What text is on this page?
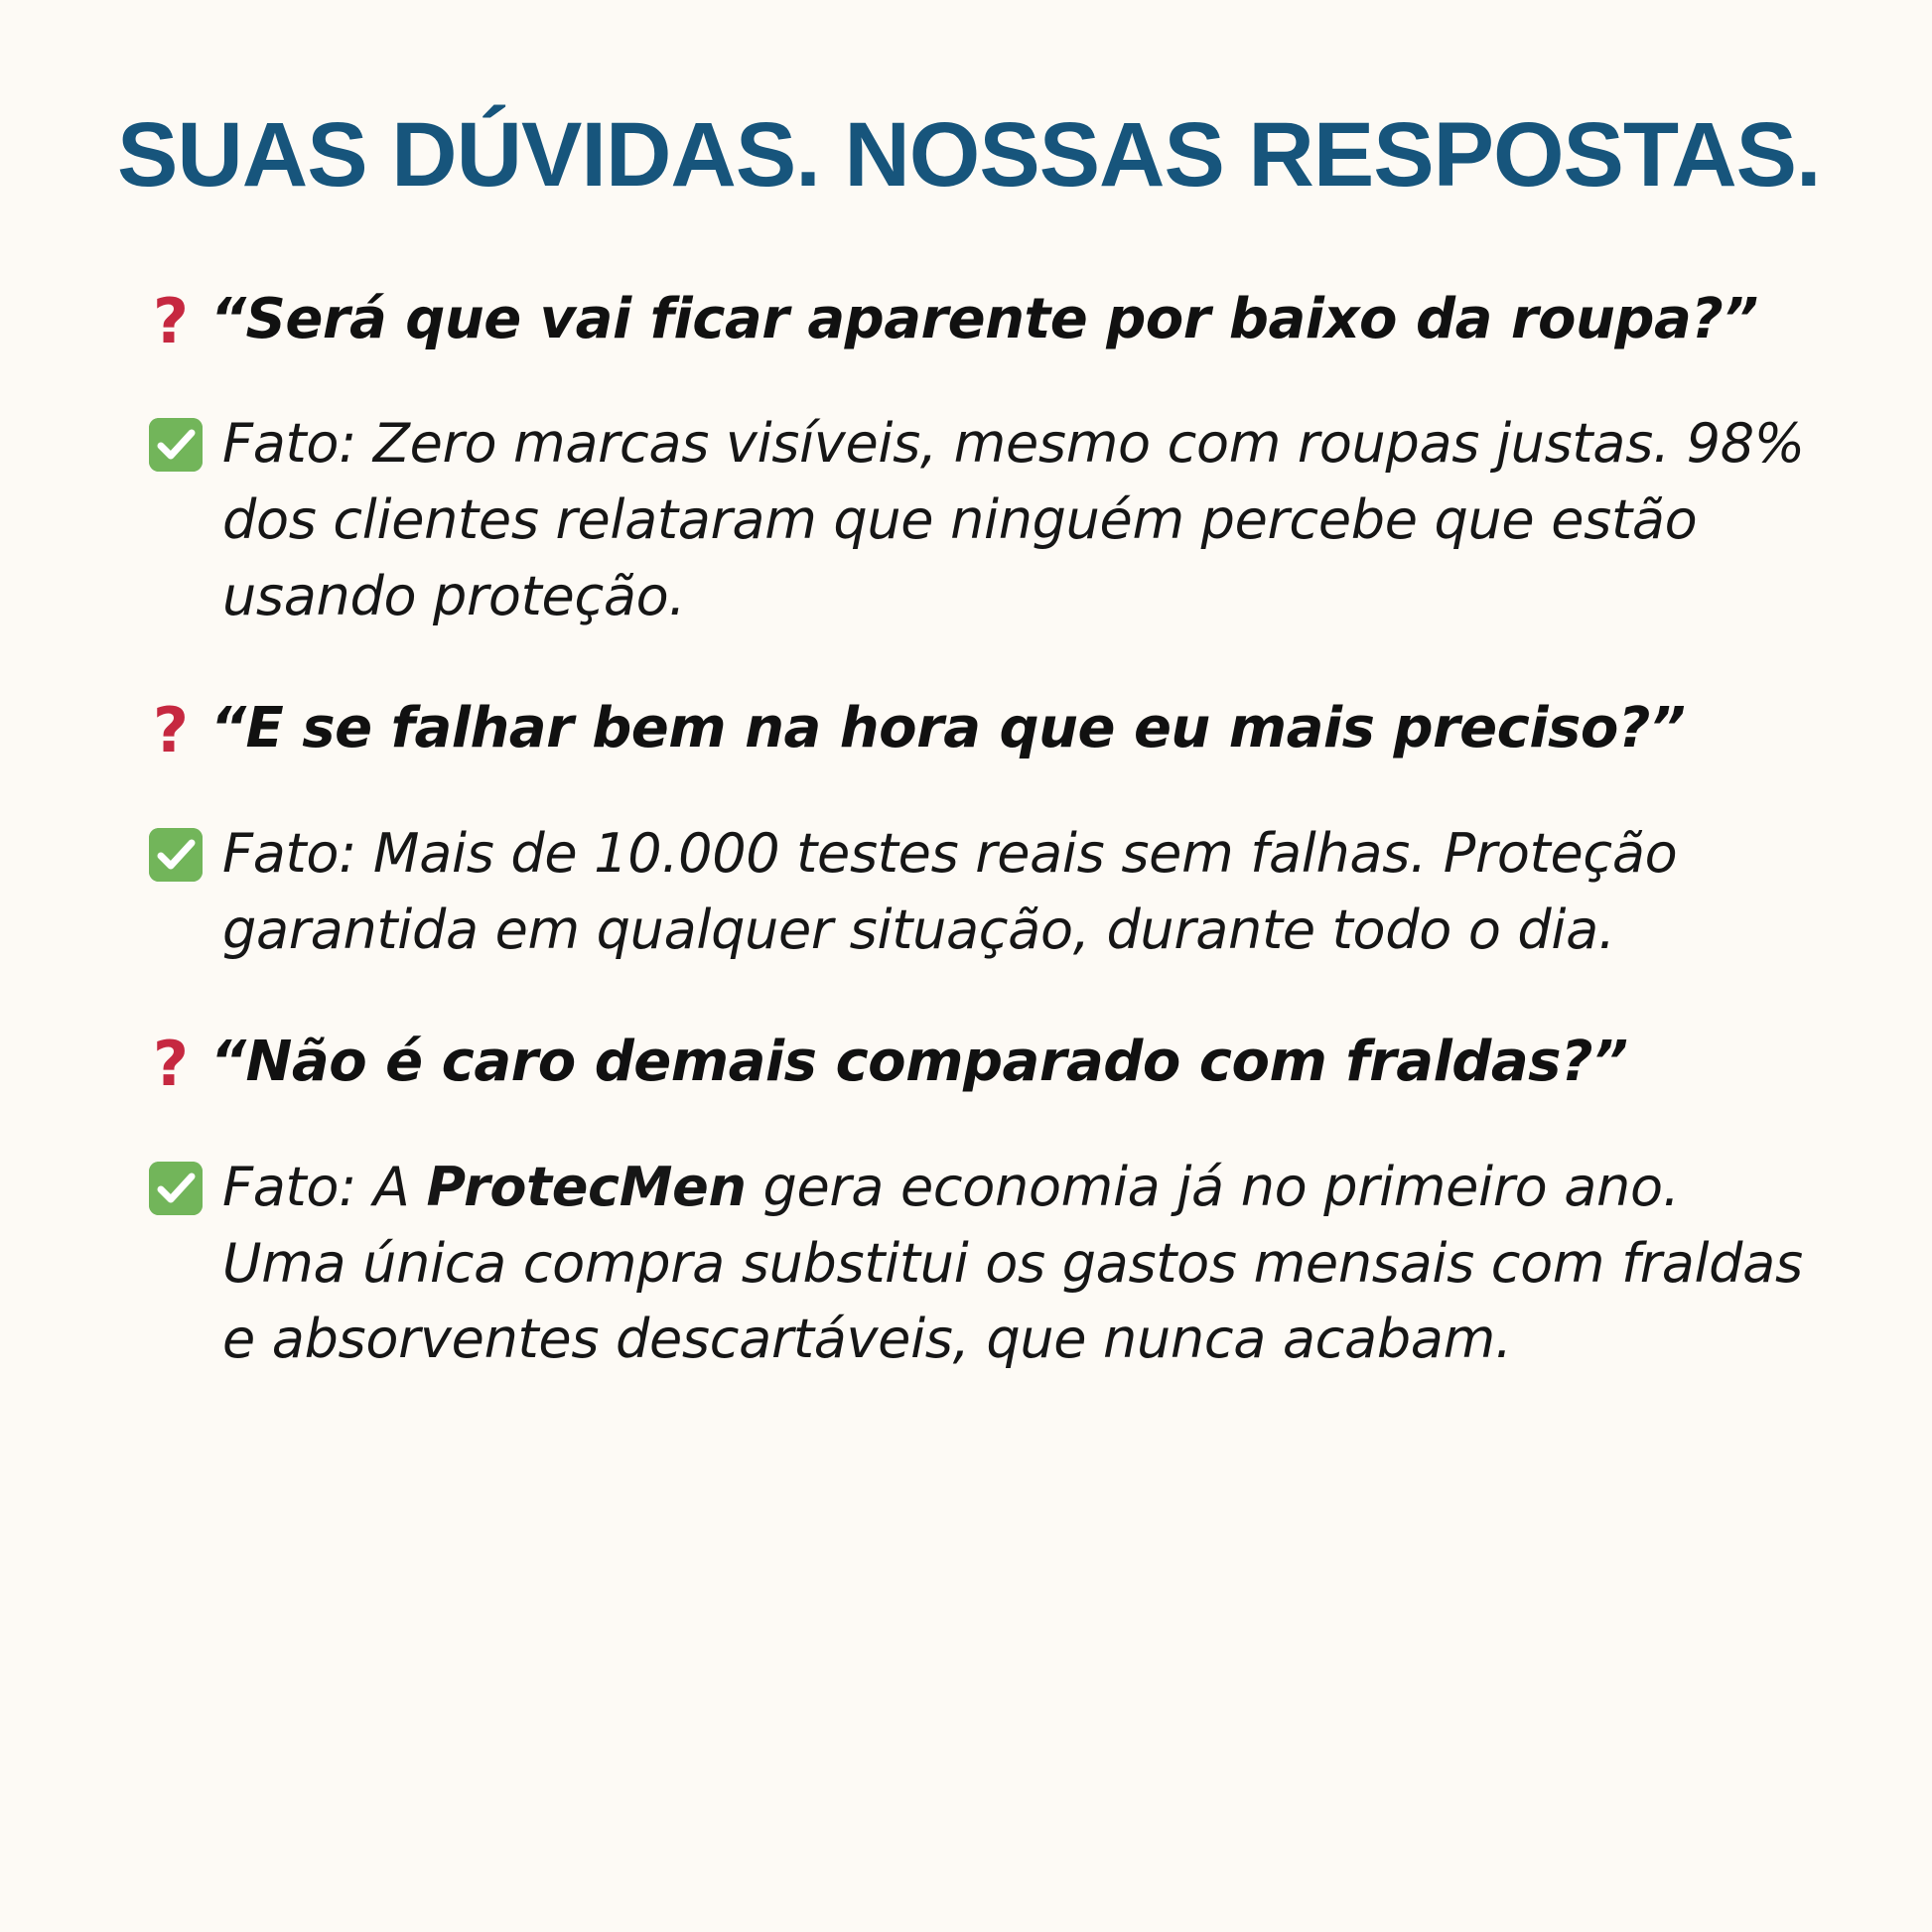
SUAS DÚVIDAS. NOSSAS RESPOSTAS.
? “Será que vai ficar aparente por baixo da roupa?”
Fato: Zero marcas visíveis, mesmo com roupas justas. 98% dos clientes relataram que ninguém percebe que estão usando proteção.
? “E se falhar bem na hora que eu mais preciso?”
Fato: Mais de 10.000 testes reais sem falhas. Proteção garantida em qualquer situação, durante todo o dia.
? “Não é caro demais comparado com fraldas?”
Fato: A ProtecMen gera economia já no primeiro ano. Uma única compra substitui os gastos mensais com fraldas e absorventes descartáveis, que nunca acabam.
